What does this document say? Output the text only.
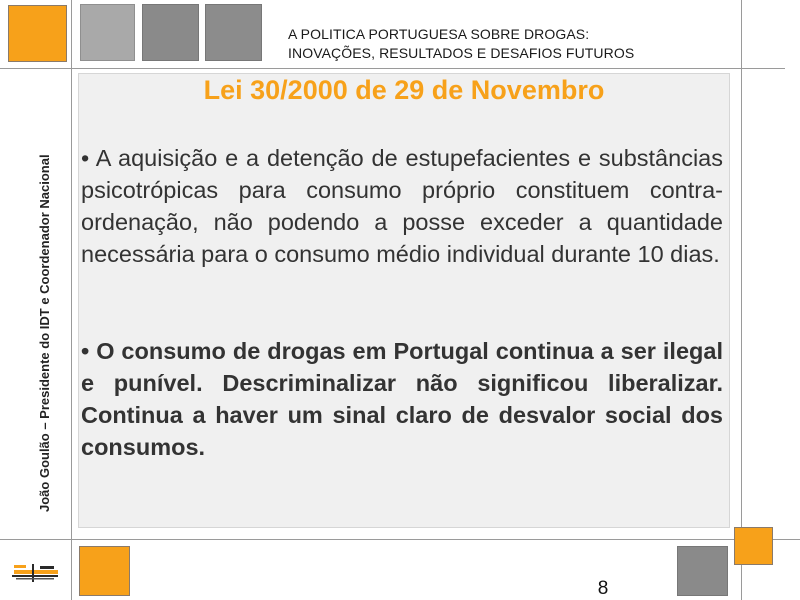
A POLITICA PORTUGUESA SOBRE DROGAS:
INOVAÇÕES, RESULTADOS E DESAFIOS FUTUROS
João Goulão – Presidente do IDT e Coordenador Nacional
Lei 30/2000 de 29 de Novembro
• A aquisição e a detenção de estupefacientes e substâncias psicotrópicas para consumo próprio constituem contra-ordenação, não podendo a posse exceder a quantidade necessária para o consumo médio individual durante 10 dias.
• O consumo de drogas em Portugal continua a ser ilegal e punível. Descriminalizar não significou liberalizar. Continua a haver um sinal claro de desvalor social dos consumos.
8
